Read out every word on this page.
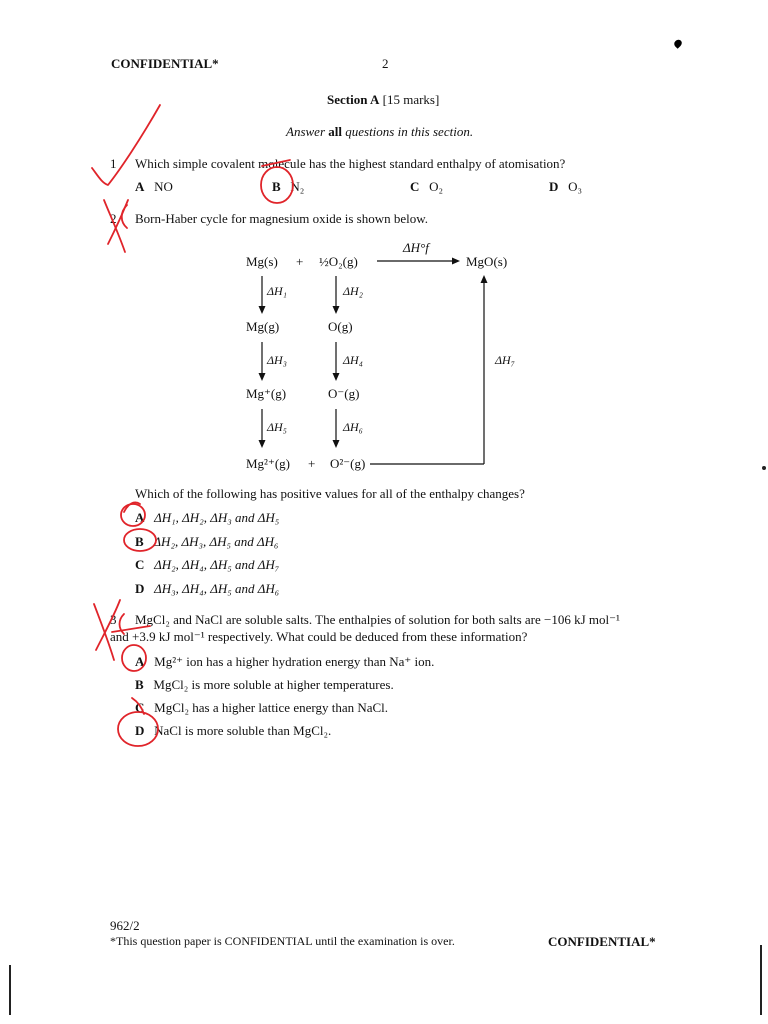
CONFIDENTIAL*	2
Section A [15 marks]
Answer all questions in this section.
1 Which simple covalent molecule has the highest standard enthalpy of atomisation?
A NO	B N₂	C O₂	D O₃
2 Born-Haber cycle for magnesium oxide is shown below.
Mg(s) + ½O₂(g)
ΔH°f
MgO(s)
ΔH₁	ΔH₂
Mg(g)	O(g)
ΔH₃	ΔH₄	ΔH₇
Mg⁺(g)	O⁻(g)
ΔH₅	ΔH₆
Mg²⁺(g) + O²⁻(g)
Which of the following has positive values for all of the enthalpy changes?
A ΔH₁, ΔH₂, ΔH₃ and ΔH₅
B ΔH₂, ΔH₃, ΔH₅ and ΔH₆
C ΔH₂, ΔH₄, ΔH₅ and ΔH₇
D ΔH₃, ΔH₄, ΔH₅ and ΔH₆
3 MgCl₂ and NaCl are soluble salts. The enthalpies of solution for both salts are −106 kJ mol⁻¹
and +3.9 kJ mol⁻¹ respectively. What could be deduced from these information?
A Mg²⁺ ion has a higher hydration energy than Na⁺ ion.
B MgCl₂ is more soluble at higher temperatures.
C MgCl₂ has a higher lattice energy than NaCl.
D NaCl is more soluble than MgCl₂.
962/2
*This question paper is CONFIDENTIAL until the examination is over.	CONFIDENTIAL*
